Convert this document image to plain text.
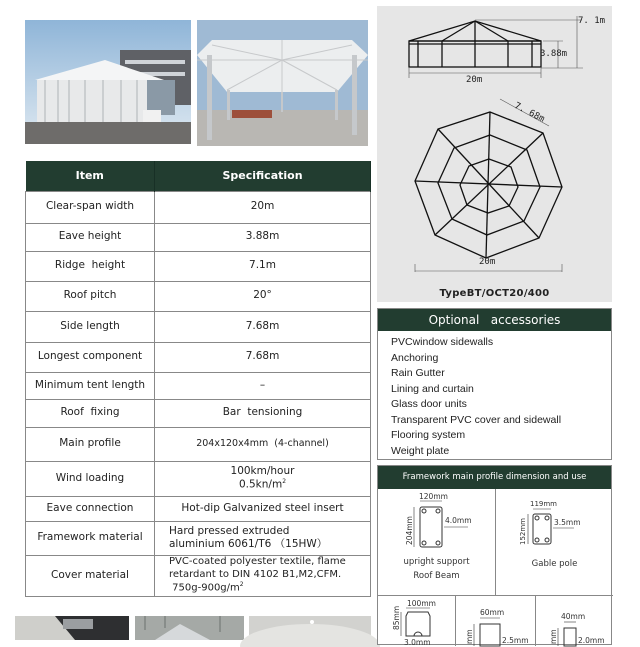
Item	Specification
Clear-span width	20m
Eave height	3.88m
Ridge  height	7.1m
Roof pitch	20°
Side length	7.68m
Longest component	7.68m
Minimum tent length	–
Roof  fixing	Bar  tensioning
Main profile	204x120x4mm  (4-channel)
Wind loading	100km/hour
$0.5kn/m^2$

Eave connection	Hot-dip Galvanized steel insert
Framework material	Hard pressed extruded
aluminium 6061/T6 （15HW）

Cover material	PVC-coated polyester textile, flame
retardant to DIN 4102 B1,M2,CFM.
$750g-900g/m^2$
7. 1m
3.88m
20m
7. 68m
20m
TypeBT/OCT20/400
Optional   accessories
PVCwindow sidewalls
Anchoring
Rain Gutter
Lining and curtain
Glass door units
Transparent PVC cover and sidewall
Flooring system
Weight plate
Framework main profile dimension and use
120mm
204mm	4.0mm
upright support
Roof Beam
119mm
152mm	3.5mm
Gable pole
100mm
85mm
3.0mm
60mm
mm	2.5mm
40mm
mm	2.0mm
